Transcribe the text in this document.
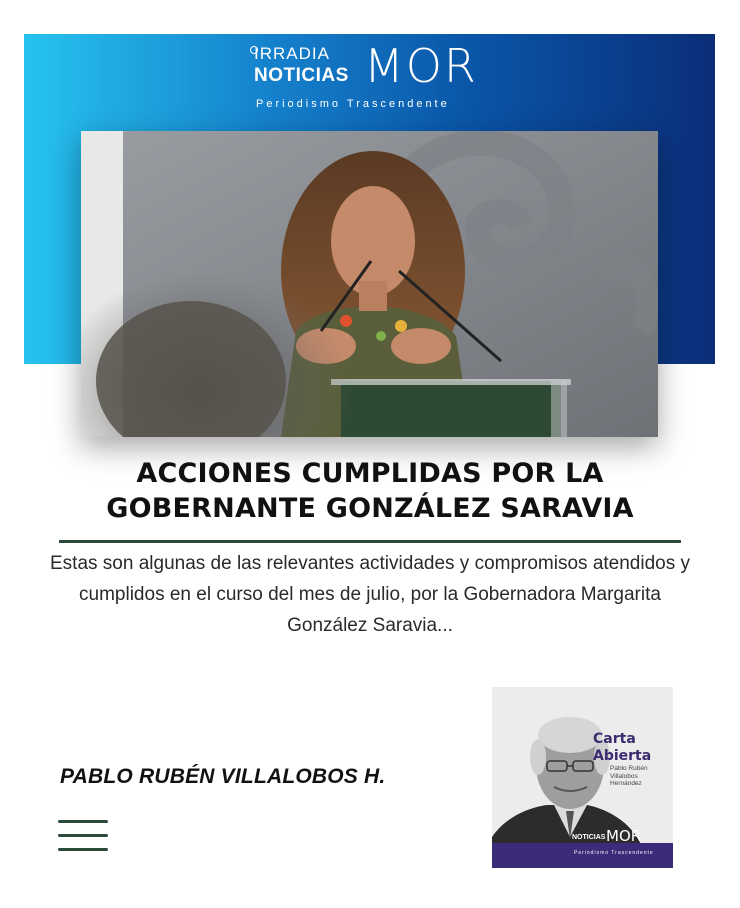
IRRADIA
NOTICIAS MOR
Periodismo Trascendente
ACCIONES CUMPLIDAS POR LA GOBERNANTE GONZÁLEZ SARAVIA

Estas son algunas de las relevantes actividades y compromisos atendidos y cumplidos en el curso del mes de julio, por la Gobernadora Margarita González Saravia...

PABLO RUBÉN VILLALOBOS H.
Carta Abierta
Pablo Rubén Villalobos Hernández
NOTICIAS MOR
Periodismo Trascendente
